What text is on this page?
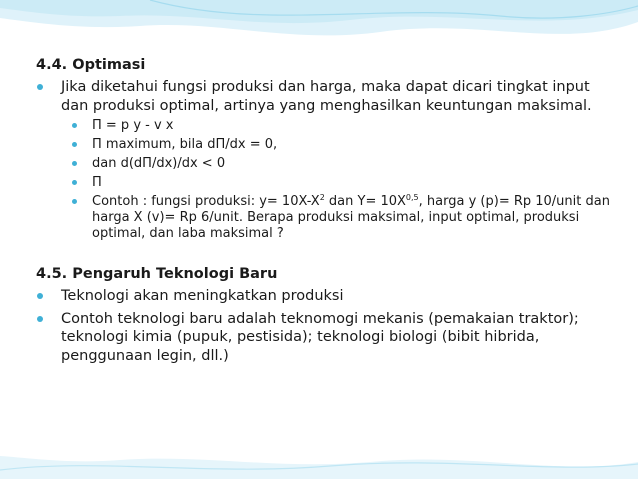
4.4. Optimasi

Jika diketahui fungsi produksi dan harga, maka dapat dicari tingkat input dan produksi optimal, artinya yang menghasilkan keuntungan maksimal.
Π = p y - v x
Π maximum, bila dΠ/dx = 0,
dan d(dΠ/dx)/dx < 0
Π
Contoh : fungsi produksi: $y= 10X-X^2$ dan $Y= 10X^{0,5}$, harga y (p)= Rp 10/unit dan harga X (v)= Rp 6/unit. Berapa produksi maksimal, input optimal, produksi optimal, dan laba maksimal ?

4.5. Pengaruh Teknologi Baru

Teknologi akan meningkatkan produksi
Contoh teknologi baru adalah teknomogi mekanis (pemakaian traktor); teknologi kimia (pupuk, pestisida); teknologi biologi (bibit hibrida, penggunaan legin, dll.)
